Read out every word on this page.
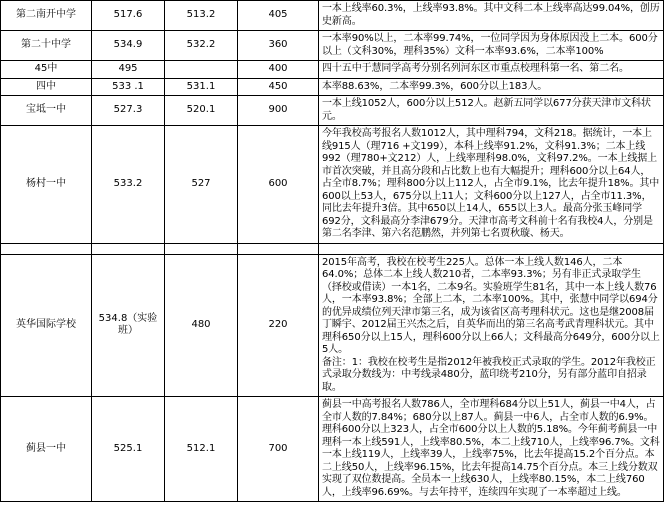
第二南开中学	517.6	513.2	405	一本上线率60.3%，上线率93.8%。其中文科二本上线率高达99.04%，创历史新高。

第二十中学	534.9	532.2	360	一本率90%以上，二本率99.74%，一位同学因为身体原因没上二本。600分以上（文科30%，理科35%）文科一本率93.6%，二本率100%

45中	495		400	四十五中于慧同学高考分别名列河东区市重点校理科第一名、第二名。

四中	533 .1	531.1	450	本率88.63%，二本率99.3%，600分以上183人。

宝坻一中	527.3	520.1	900	一本上线1052人，600分以上512人。赵新五同学以677分获天津市文科状元。

杨村一中	533.2	527	600	今年我校高考报名人数1012人，其中理科794，文科218。据统计，一本上线915人（理716 +文199），本科上线率91.2%，文科91.3%；二本上线992（理780+文212）人，上线率理科98.0%，文科97.2%。一本上线据上市首次突破，并且高分段和占比数上也有大幅提升；理科600分以上64人，占全市8.7%；理科800分以上112人，占全市9.1%，比去年提升18%。其中600以上53人，675分以上11人；文科600分以上127人，占全市11.3%，同比去年提升3倍。其中650以上14人，655以上3人。最高分张玉峰同学692分，文科最高分李津679分。天津市高考文科前十名有我校4人，分别是第二名李津、第六名范鹏然，并列第七名贾秋璇、杨天。

英华国际学校	534.8（实验班）	480	220	2015年高考，我校在校考生225人。总体一本上线人数146人，二本64.0%；总体二本上线人数210者，二本率93.3%；另有非正式录取学生（择校或借读）一本1名，二本9名。实验班学生81名，其中一本上线人数76人，一本率93.8%；全部上二本，二本率100%。其中，张慧中同学以694分的优异成绩位列天津市第三名，成为该省区高考理科状元。这也是继2008届丁瞬宇、2012届王兴杰之后，自英华而出的第三名高考武青理科状元。其中理科650分以上15人，理科600分以上66人；文科最高分649分，600分以上5人。

备注：1：我校在校考生是指2012年被我校正式录取的学生。2012年我校正式录取分数线为：中考线录480分，蓝印绕考210分，另有部分蓝印自招录取。

蓟县一中	525.1	512.1	700	蓟县一中高考报名人数786人，全市理科684分以上51人，蓟县一中4人，占全市人数的7.84%；680分以上87人。蓟县一中6人，占全市人数的6.9%。理科600分以上323人，占全市600分以上人数的5.18%。今年蓟考蓟县一中理科一本上线591人，上线率80.5%，本二上线710人，上线率96.7%。文科一本上线119人，上线率39人，上线率75%，比去年提高15.2个百分点。本二上线50人，上线率96.15%，比去年提高14.75个百分点。本三上线分数双实现了双位数提高。全员本一上线630人，上线率80.15%，本二上线760人，上线率96.69%。与去年持平，连续四年实现了一本率超过上线。
